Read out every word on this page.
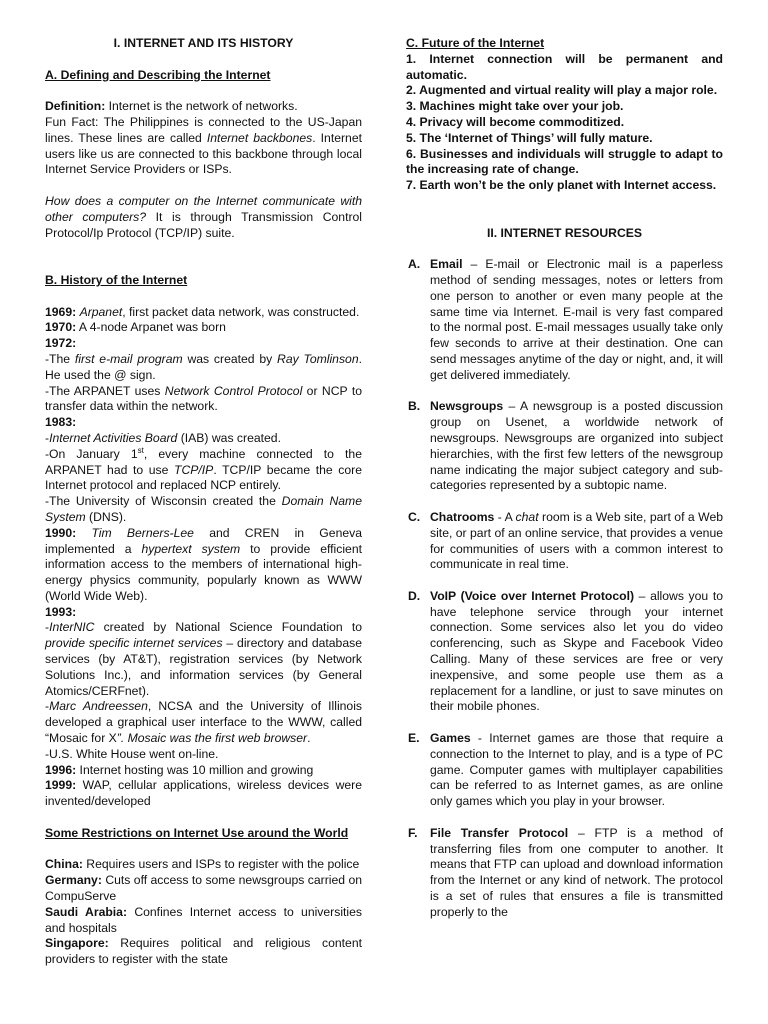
I. INTERNET AND ITS HISTORY

A. Defining and Describing the Internet

Definition: Internet is the network of networks.

Fun Fact: The Philippines is connected to the US-Japan lines. These lines are called Internet backbones. Internet users like us are connected to this backbone through local Internet Service Providers or ISPs.

How does a computer on the Internet communicate with other computers? It is through Transmission Control Protocol/Ip Protocol (TCP/IP) suite.

B. History of the Internet

1969: Arpanet, first packet data network, was constructed.

1970: A 4-node Arpanet was born

1972:

-The first e-mail program was created by Ray Tomlinson. He used the @ sign.

-The ARPANET uses Network Control Protocol or NCP to transfer data within the network.

1983:

-Internet Activities Board (IAB) was created.

-On January 1st, every machine connected to the ARPANET had to use TCP/IP. TCP/IP became the core Internet protocol and replaced NCP entirely.

-The University of Wisconsin created the Domain Name System (DNS).

1990: Tim Berners-Lee and CREN in Geneva implemented a hypertext system to provide efficient information access to the members of international high-energy physics community, popularly known as WWW (World Wide Web).

1993:

-InterNIC created by National Science Foundation to provide specific internet services – directory and database services (by AT&T), registration services (by Network Solutions Inc.), and information services (by General Atomics/CERFnet).

-Marc Andreessen, NCSA and the University of Illinois developed a graphical user interface to the WWW, called “Mosaic for X”. Mosaic was the first web browser.

-U.S. White House went on-line.

1996: Internet hosting was 10 million and growing

1999: WAP, cellular applications, wireless devices were invented/developed

Some Restrictions on Internet Use around the World

China: Requires users and ISPs to register with the police

Germany: Cuts off access to some newsgroups carried on CompuServe

Saudi Arabia: Confines Internet access to universities and hospitals

Singapore: Requires political and religious content providers to register with the state

C. Future of the Internet

1. Internet connection will be permanent and automatic.

2. Augmented and virtual reality will play a major role.

3. Machines might take over your job.

4. Privacy will become commoditized.

5. The ‘Internet of Things’ will fully mature.

6. Businesses and individuals will struggle to adapt to the increasing rate of change.

7. Earth won’t be the only planet with Internet access.

II. INTERNET RESOURCES

A. Email – E-mail or Electronic mail is a paperless method of sending messages, notes or letters from one person to another or even many people at the same time via Internet. E-mail is very fast compared to the normal post. E-mail messages usually take only few seconds to arrive at their destination. One can send messages anytime of the day or night, and, it will get delivered immediately.

B. Newsgroups – A newsgroup is a posted discussion group on Usenet, a worldwide network of newsgroups. Newsgroups are organized into subject hierarchies, with the first few letters of the newsgroup name indicating the major subject category and sub-categories represented by a subtopic name.

C. Chatrooms - A chat room is a Web site, part of a Web site, or part of an online service, that provides a venue for communities of users with a common interest to communicate in real time.

D. VoIP (Voice over Internet Protocol) – allows you to have telephone service through your internet connection. Some services also let you do video conferencing, such as Skype and Facebook Video Calling. Many of these services are free or very inexpensive, and some people use them as a replacement for a landline, or just to save minutes on their mobile phones.

E. Games - Internet games are those that require a connection to the Internet to play, and is a type of PC game. Computer games with multiplayer capabilities can be referred to as Internet games, as are online only games which you play in your browser.

F.	File Transfer Protocol – FTP is a method of transferring files from one computer to another. It means that FTP can upload and download information from the Internet or any kind of network. The protocol is a set of rules that ensures a file is transmitted properly to the
